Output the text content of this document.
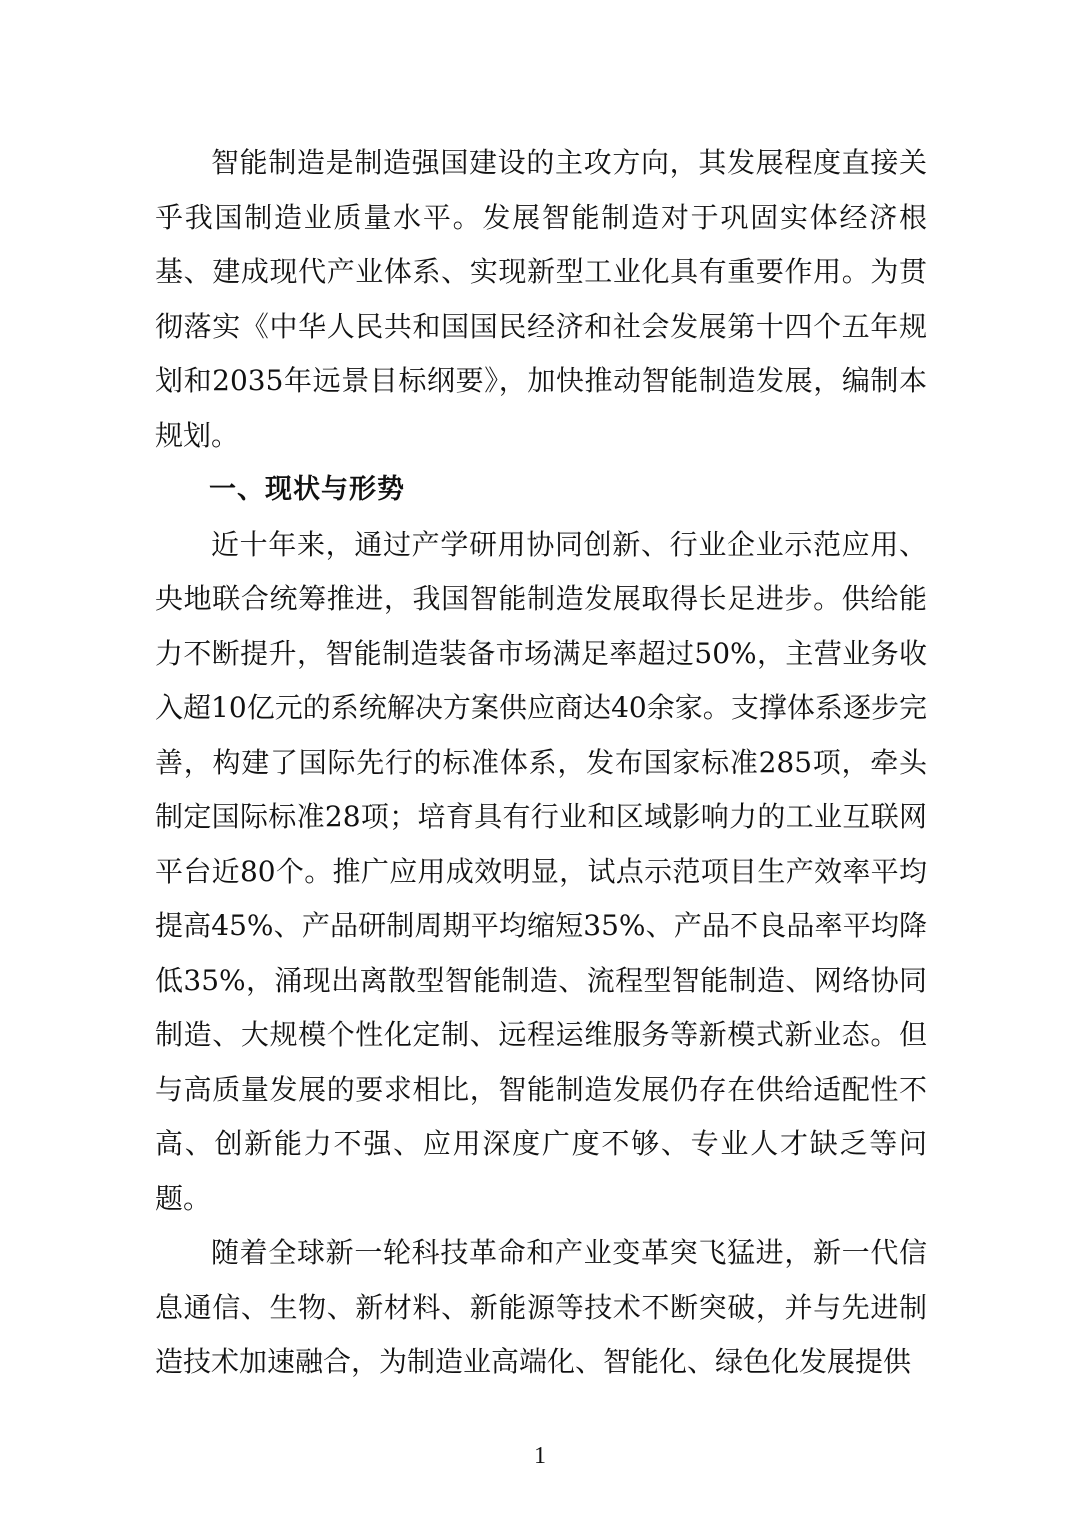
智能制造是制造强国建设的主攻方向，其发展程度直接关乎我国制造业质量水平。发展智能制造对于巩固实体经济根基、建成现代产业体系、实现新型工业化具有重要作用。为贯彻落实《中华人民共和国国民经济和社会发展第十四个五年规划和2035年远景目标纲要》，加快推动智能制造发展，编制本规划。

一、现状与形势

近十年来，通过产学研用协同创新、行业企业示范应用、央地联合统筹推进，我国智能制造发展取得长足进步。供给能力不断提升，智能制造装备市场满足率超过50%，主营业务收入超10亿元的系统解决方案供应商达40余家。支撑体系逐步完善，构建了国际先行的标准体系，发布国家标准285项，牵头制定国际标准28项；培育具有行业和区域影响力的工业互联网平台近80个。推广应用成效明显，试点示范项目生产效率平均提高45%、产品研制周期平均缩短35%、产品不良品率平均降低35%，涌现出离散型智能制造、流程型智能制造、网络协同制造、大规模个性化定制、远程运维服务等新模式新业态。但与高质量发展的要求相比，智能制造发展仍存在供给适配性不高、创新能力不强、应用深度广度不够、专业人才缺乏等问题。

随着全球新一轮科技革命和产业变革突飞猛进，新一代信息通信、生物、新材料、新能源等技术不断突破，并与先进制造技术加速融合，为制造业高端化、智能化、绿色化发展提供

1
